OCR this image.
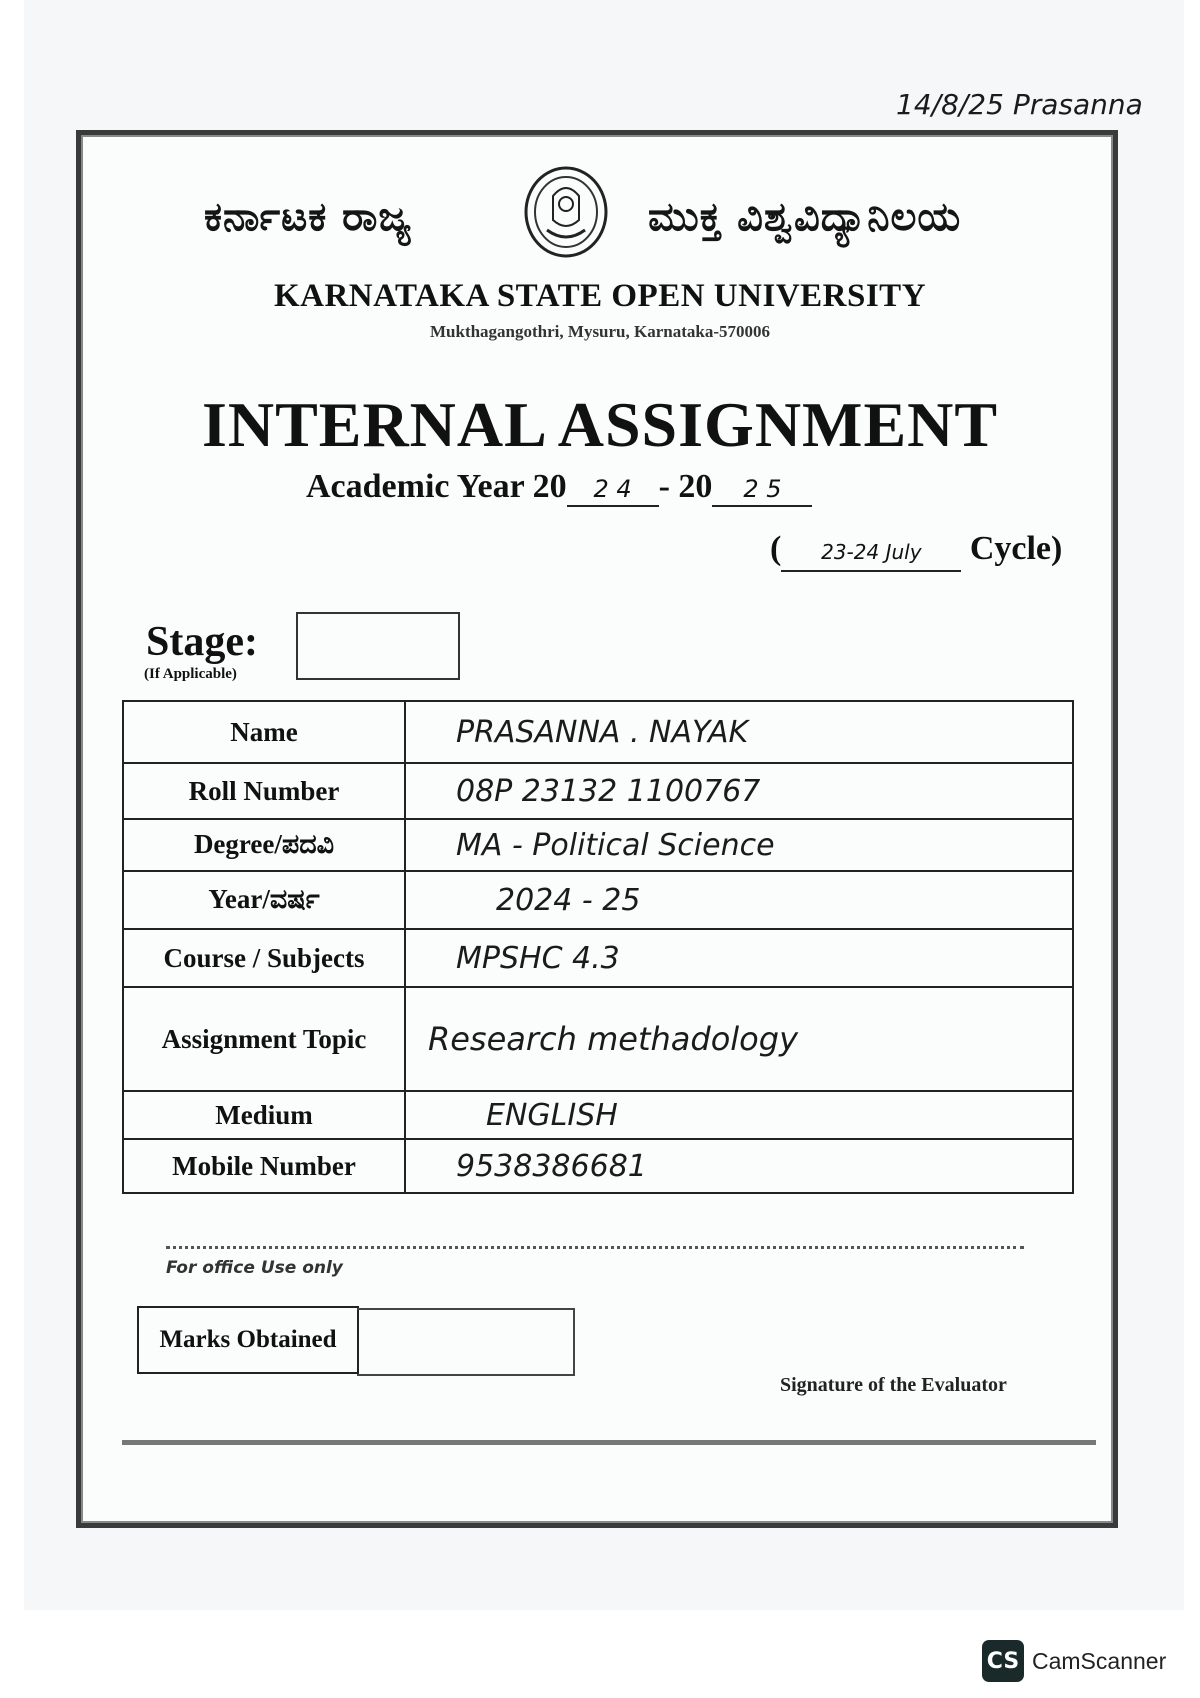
14/8/25 Prasanna
ಕರ್ನಾಟಕ ರಾಜ್ಯ	ಮುಕ್ತ ವಿಶ್ವವಿದ್ಯಾನಿಲಯ
KARNATAKA STATE OPEN UNIVERSITY
Mukthagangothri, Mysuru, Karnataka-570006
INTERNAL ASSIGNMENT
Academic Year 20 2 4 - 20 2 5
( 23-24 July Cycle)
Stage:
(If Applicable)
Name	PRASANNA . NAYAK
Roll Number	08P 23132 1100767
Degree/ಪದವಿ	MA - Political Science
Year/ವರ್ಷ	2024 - 25
Course / Subjects	MPSHC 4.3
Assignment Topic	Research methadology
Medium	ENGLISH
Mobile Number	9538386681
For office Use only
Marks Obtained
Signature of the Evaluator
CS CamScanner
